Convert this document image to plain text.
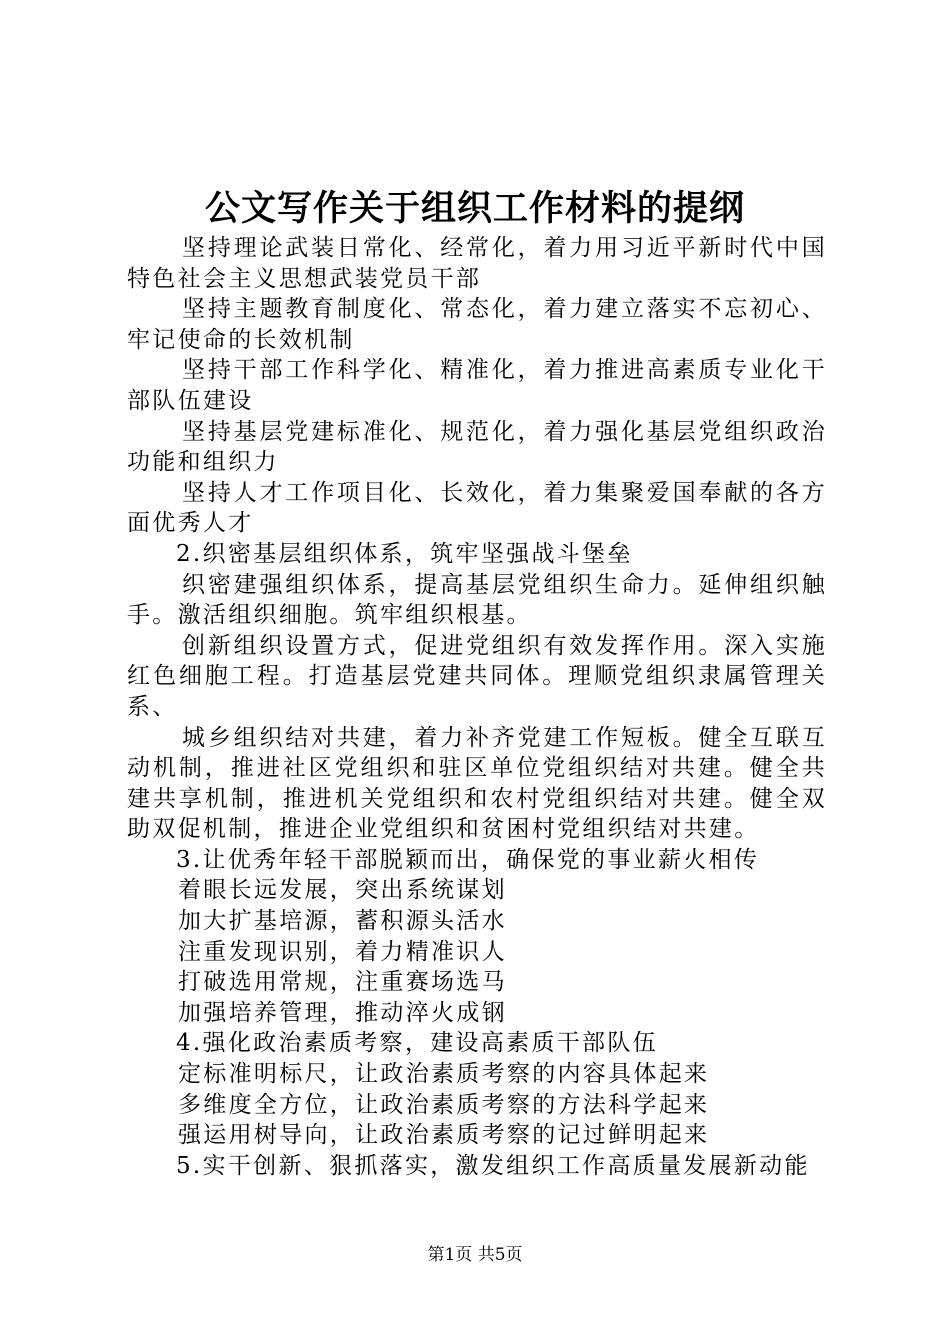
公文写作关于组织工作材料的提纲

坚持理论武装日常化、经常化，着力用习近平新时代中国特色社会主义思想武装党员干部

坚持主题教育制度化、常态化，着力建立落实不忘初心、牢记使命的长效机制

坚持干部工作科学化、精准化，着力推进高素质专业化干部队伍建设

坚持基层党建标准化、规范化，着力强化基层党组织政治功能和组织力

坚持人才工作项目化、长效化，着力集聚爱国奉献的各方面优秀人才

2.织密基层组织体系，筑牢坚强战斗堡垒

织密建强组织体系，提高基层党组织生命力。延伸组织触手。激活组织细胞。筑牢组织根基。

创新组织设置方式，促进党组织有效发挥作用。深入实施红色细胞工程。打造基层党建共同体。理顺党组织隶属管理关系、

城乡组织结对共建，着力补齐党建工作短板。健全互联互动机制，推进社区党组织和驻区单位党组织结对共建。健全共建共享机制，推进机关党组织和农村党组织结对共建。健全双助双促机制，推进企业党组织和贫困村党组织结对共建。

3.让优秀年轻干部脱颖而出，确保党的事业薪火相传

着眼长远发展，突出系统谋划

加大扩基培源，蓄积源头活水

注重发现识别，着力精准识人

打破选用常规，注重赛场选马

加强培养管理，推动淬火成钢

4.强化政治素质考察，建设高素质干部队伍

定标准明标尺，让政治素质考察的内容具体起来

多维度全方位，让政治素质考察的方法科学起来

强运用树导向，让政治素质考察的记过鲜明起来

5.实干创新、狠抓落实，激发组织工作高质量发展新动能

第1页 共5页
